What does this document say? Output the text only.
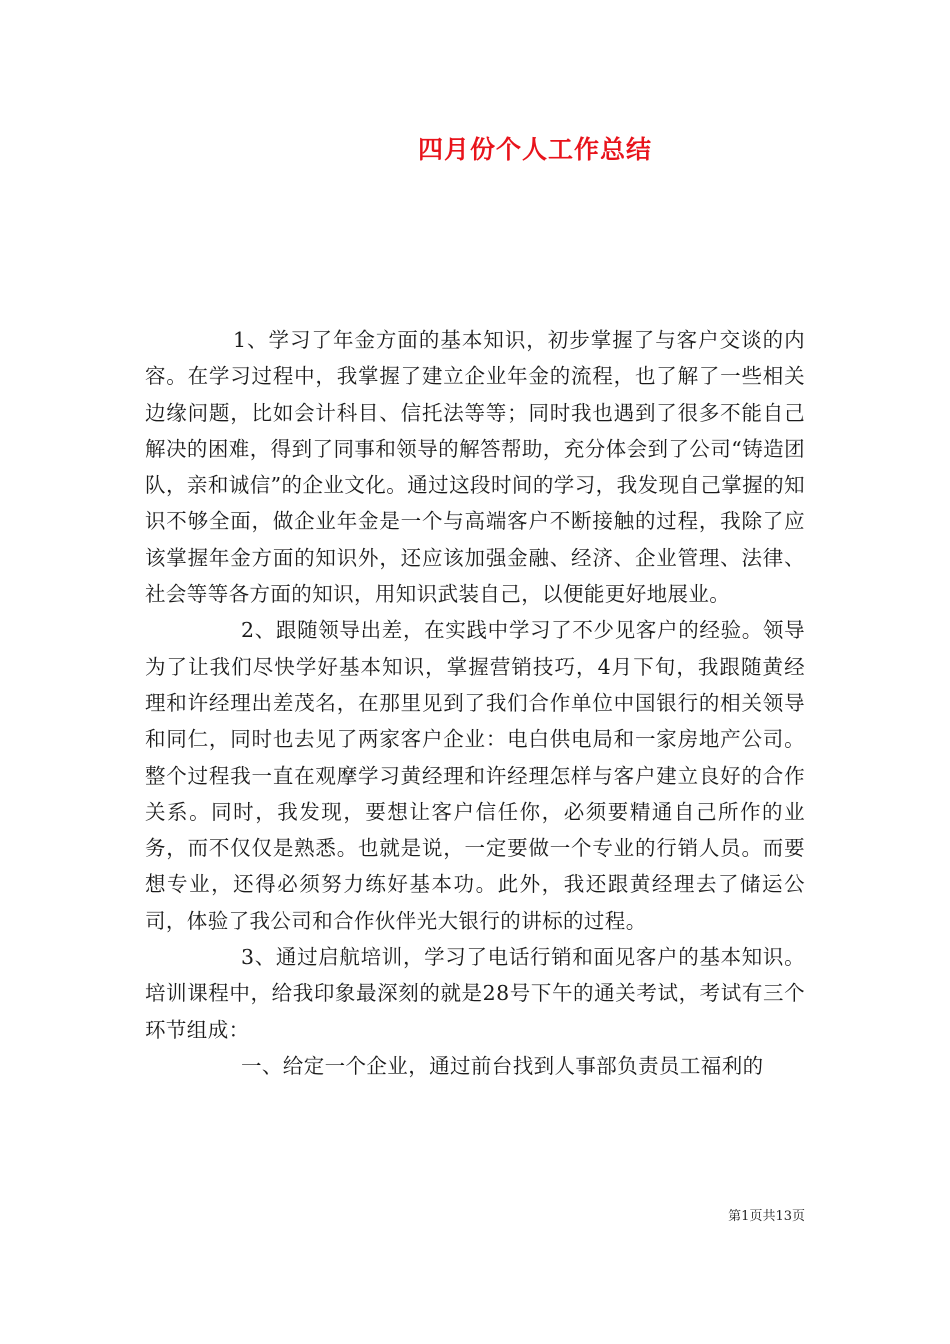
四月份个人工作总结

1、学习了年金方面的基本知识，初步掌握了与客户交谈的内容。在学习过程中，我掌握了建立企业年金的流程，也了解了一些相关边缘问题，比如会计科目、信托法等等；同时我也遇到了很多不能自己解决的困难，得到了同事和领导的解答帮助，充分体会到了公司“铸造团队，亲和诚信”的企业文化。通过这段时间的学习，我发现自己掌握的知识不够全面，做企业年金是一个与高端客户不断接触的过程，我除了应该掌握年金方面的知识外，还应该加强金融、经济、企业管理、法律、社会等等各方面的知识，用知识武装自己，以便能更好地展业。

2、跟随领导出差，在实践中学习了不少见客户的经验。领导为了让我们尽快学好基本知识，掌握营销技巧，4月下旬，我跟随黄经理和许经理出差茂名，在那里见到了我们合作单位中国银行的相关领导和同仁，同时也去见了两家客户企业：电白供电局和一家房地产公司。整个过程我一直在观摩学习黄经理和许经理怎样与客户建立良好的合作关系。同时，我发现，要想让客户信任你，必须要精通自己所作的业务，而不仅仅是熟悉。也就是说，一定要做一个专业的行销人员。而要想专业，还得必须努力练好基本功。此外，我还跟黄经理去了储运公司，体验了我公司和合作伙伴光大银行的讲标的过程。

3、通过启航培训，学习了电话行销和面见客户的基本知识。培训课程中，给我印象最深刻的就是28号下午的通关考试，考试有三个环节组成：

一、给定一个企业，通过前台找到人事部负责员工福利的

第1页共13页
